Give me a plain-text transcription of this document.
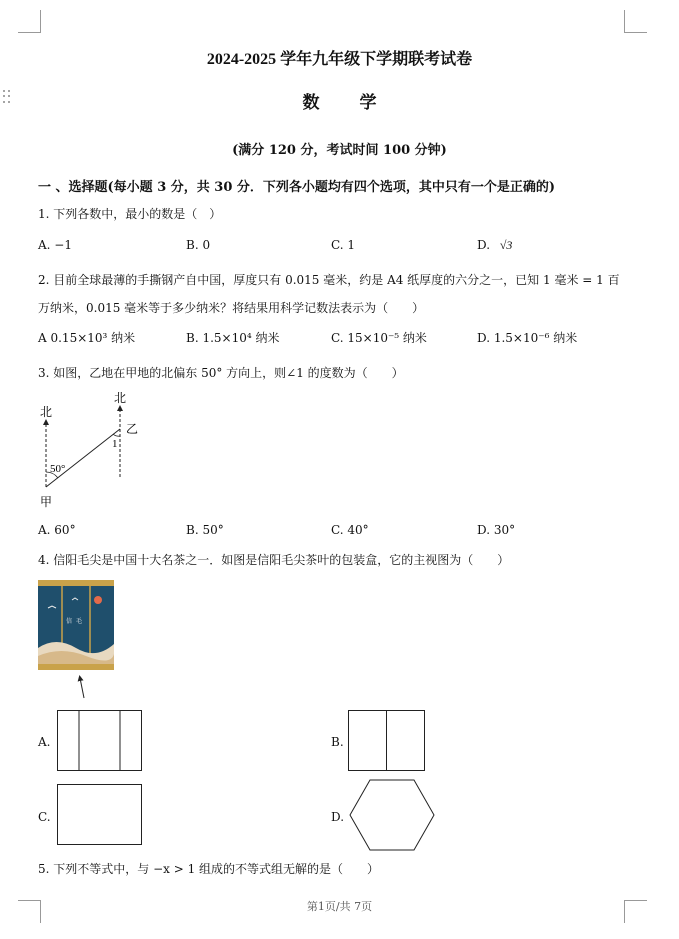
2024-2025 学年九年级下学期联考试卷
数学
(满分 120 分，考试时间 100 分钟)
一 、选择题(每小题 3 分，共 30 分．下列各小题均有四个选项，其中只有一个是正确的)
1. 下列各数中，最小的数是（　）
A. −1	B. 0	C. 1	D. √3
2. 目前全球最薄的手撕钢产自中国，厚度只有 0.015 毫米，约是 A4 纸厚度的六分之一，已知 1 毫米 = 1 百
万纳米，0.015 毫米等于多少纳米？将结果用科学记数法表示为（　　）
A 0.15×10³ 纳米	B. 1.5×10⁴ 纳米	C. 15×10⁻⁵ 纳米	D. 1.5×10⁻⁶ 纳米
3. 如图，乙地在甲地的北偏东 50° 方向上，则∠1 的度数为（　　）
北
北
乙
甲
50°
1
A. 60°	B. 50°	C. 40°	D. 30°
4. 信阳毛尖是中国十大名茶之一．如图是信阳毛尖茶叶的包装盒，它的主视图为（　　）
信 毛
A.	B.
C.	D.
5. 下列不等式中，与 −x > 1 组成的不等式组无解的是（　　）
第1页/共 7页
